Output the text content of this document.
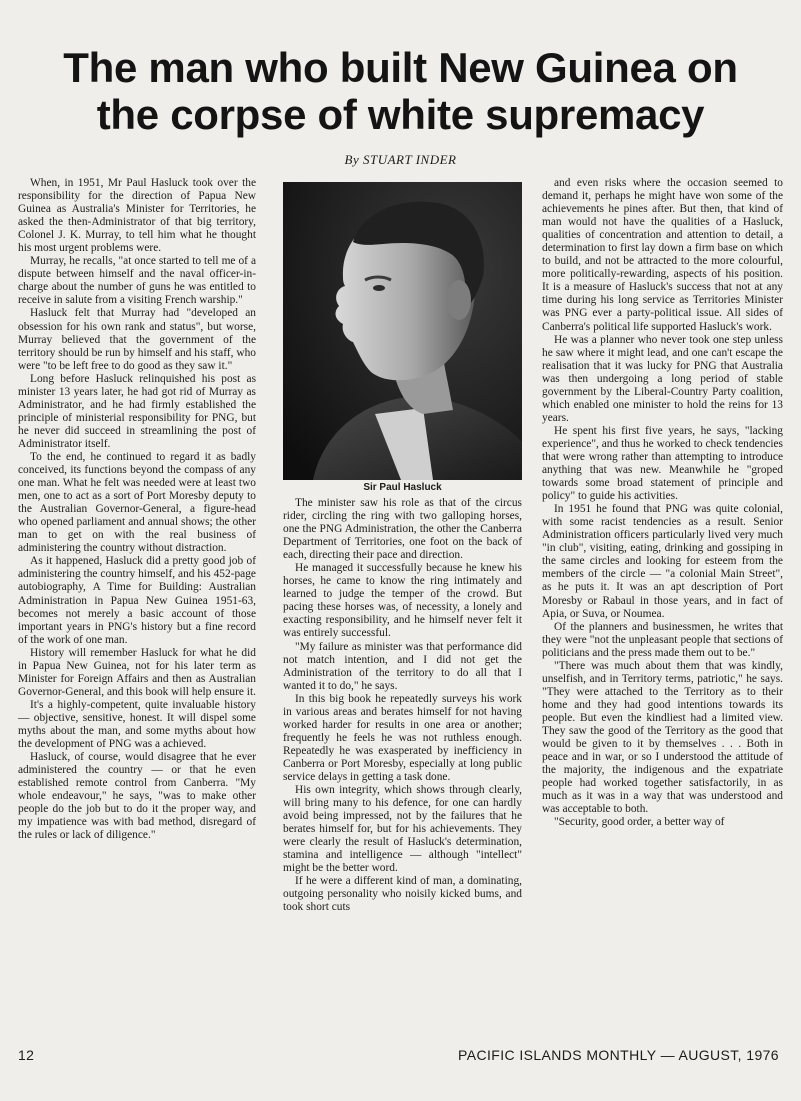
The man who built New Guinea on
the corpse of white supremacy
By STUART INDER

When, in 1951, Mr Paul Hasluck took over the responsibility for the direction of Papua New Guinea as Australia's Minister for Territories, he asked the then-Administrator of that big territory, Colonel J. K. Murray, to tell him what he thought his most urgent problems were.

Murray, he recalls, "at once started to tell me of a dispute between himself and the naval officer-in-charge about the number of guns he was entitled to receive in salute from a visiting French warship."

Hasluck felt that Murray had "developed an obsession for his own rank and status", but worse, Murray believed that the government of the territory should be run by himself and his staff, who were "to be left free to do good as they saw it."

Long before Hasluck relinquished his post as minister 13 years later, he had got rid of Murray as Administrator, and he had firmly established the principle of ministerial responsibility for PNG, but he never did succeed in streamlining the post of Administrator itself.

To the end, he continued to regard it as badly conceived, its functions beyond the compass of any one man. What he felt was needed were at least two men, one to act as a sort of Port Moresby deputy to the Australian Governor-General, a figure-head who opened parliament and annual shows; the other man to get on with the real business of administering the country without distraction.

As it happened, Hasluck did a pretty good job of administering the country himself, and his 452-page autobiography, A Time for Building: Australian Administration in Papua New Guinea 1951-63, becomes not merely a basic account of those important years in PNG's history but a fine record of the work of one man.

History will remember Hasluck for what he did in Papua New Guinea, not for his later term as Minister for Foreign Affairs and then as Australian Governor-General, and this book will help ensure it.

It's a highly-competent, quite invaluable history — objective, sensitive, honest. It will dispel some myths about the man, and some myths about how the development of PNG was a achieved.

Hasluck, of course, would disagree that he ever administered the country — or that he even established remote control from Canberra. "My whole endeavour," he says, "was to make other people do the job but to do it the proper way, and my impatience was with bad method, disregard of the rules or lack of diligence."

Sir Paul Hasluck

The minister saw his role as that of the circus rider, circling the ring with two galloping horses, one the PNG Administration, the other the Canberra Department of Territories, one foot on the back of each, directing their pace and direction.

He managed it successfully because he knew his horses, he came to know the ring intimately and learned to judge the temper of the crowd. But pacing these horses was, of necessity, a lonely and exacting responsibility, and he himself never felt it was entirely successful.

"My failure as minister was that performance did not match intention, and I did not get the Administration of the territory to do all that I wanted it to do," he says.

In this big book he repeatedly surveys his work in various areas and berates himself for not having worked harder for results in one area or another; frequently he feels he was not ruthless enough. Repeatedly he was exasperated by inefficiency in Canberra or Port Moresby, especially at long public service delays in getting a task done.

His own integrity, which shows through clearly, will bring many to his defence, for one can hardly avoid being impressed, not by the failures that he berates himself for, but for his achievements. They were clearly the result of Hasluck's determination, stamina and intelligence — although "intellect" might be the better word.

If he were a different kind of man, a dominating, outgoing personality who noisily kicked bums, and took short cuts

and even risks where the occasion seemed to demand it, perhaps he might have won some of the achievements he pines after. But then, that kind of man would not have the qualities of a Hasluck, qualities of concentration and attention to detail, a determination to first lay down a firm base on which to build, and not be attracted to the more colourful, more politically-rewarding, aspects of his position. It is a measure of Hasluck's success that not at any time during his long service as Territories Minister was PNG ever a party-political issue. All sides of Canberra's political life supported Hasluck's work.

He was a planner who never took one step unless he saw where it might lead, and one can't escape the realisation that it was lucky for PNG that Australia was then undergoing a long period of stable government by the Liberal-Country Party coalition, which enabled one minister to hold the reins for 13 years.

He spent his first five years, he says, "lacking experience", and thus he worked to check tendencies that were wrong rather than attempting to introduce anything that was new. Meanwhile he "groped towards some broad statement of principle and policy" to guide his activities.

In 1951 he found that PNG was quite colonial, with some racist tendencies as a result. Senior Administration officers particularly lived very much "in club", visiting, eating, drinking and gossiping in the same circles and looking for esteem from the members of the circle — "a colonial Main Street", as he puts it. It was an apt description of Port Moresby or Rabaul in those years, and in fact of Apia, or Suva, or Noumea.

Of the planners and businessmen, he writes that they were "not the unpleasant people that sections of politicians and the press made them out to be."

"There was much about them that was kindly, unselfish, and in Territory terms, patriotic," he says. "They were attached to the Territory as to their home and they had good intentions towards its people. But even the kindliest had a limited view. They saw the good of the Territory as the good that would be given to it by themselves . . . Both in peace and in war, or so I understood the attitude of the majority, the indigenous and the expatriate people had worked together satisfactorily, in as much as it was in a way that was understood and was acceptable to both.

"Security, good order, a better way of

12	PACIFIC ISLANDS MONTHLY — AUGUST, 1976
